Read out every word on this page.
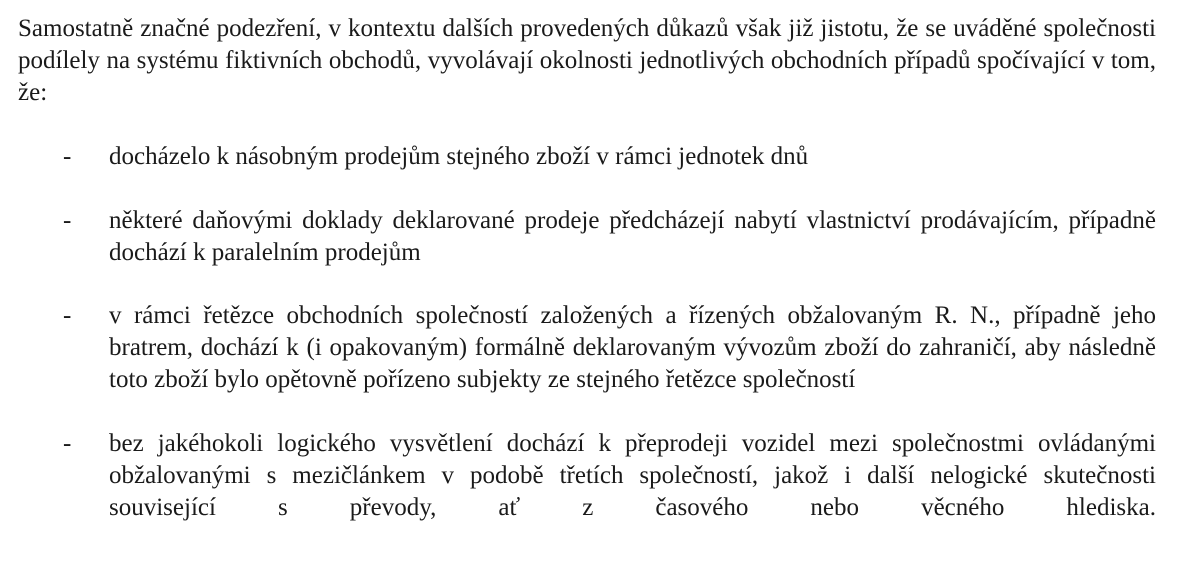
Samostatně značné podezření, v kontextu dalších provedených důkazů však již jistotu, že se uváděné společnosti podílely na systému fiktivních obchodů, vyvolávají okolnosti jednotlivých obchodních případů spočívající v tom, že:

- docházelo k násobným prodejům stejného zboží v rámci jednotek dnů
- některé daňovými doklady deklarované prodeje předcházejí nabytí vlastnictví prodávajícím, případně dochází k paralelním prodejům
- v rámci řetězce obchodních společností založených a řízených obžalovaným R. N., případně jeho bratrem, dochází k (i opakovaným) formálně deklarovaným vývozům zboží do zahraničí, aby následně toto zboží bylo opětovně pořízeno subjekty ze stejného řetězce společností
- bez jakéhokoli logického vysvětlení dochází k přeprodeji vozidel mezi společnostmi ovládanými obžalovanými s mezičlánkem v podobě třetích společností, jakož i další nelogické skutečnosti související s převody, ať z časového nebo věcného hlediska.
